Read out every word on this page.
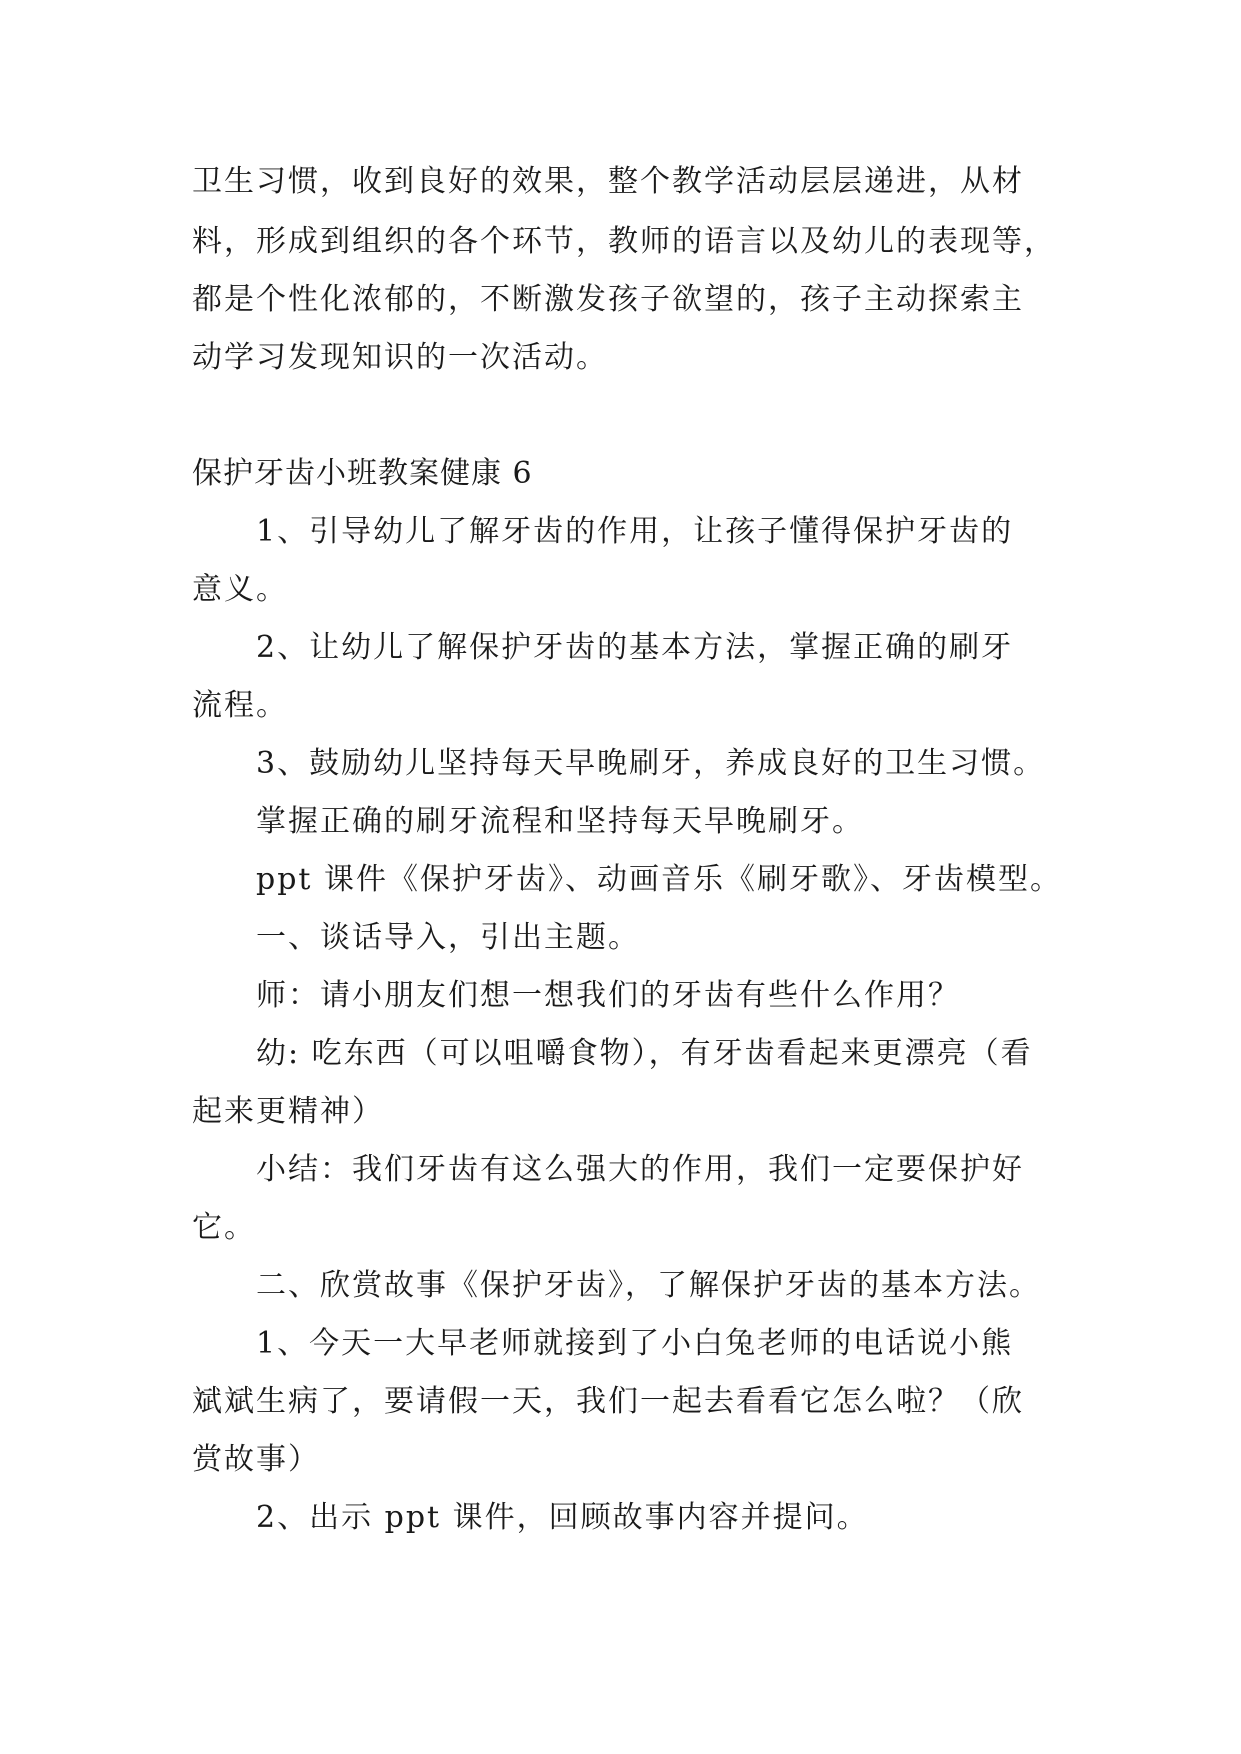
卫生习惯，收到良好的效果，整个教学活动层层递进，从材

料，形成到组织的各个环节，教师的语言以及幼儿的表现等，

都是个性化浓郁的，不断激发孩子欲望的，孩子主动探索主

动学习发现知识的一次活动。

保护牙齿小班教案健康 6

1、引导幼儿了解牙齿的作用，让孩子懂得保护牙齿的

意义。

2、让幼儿了解保护牙齿的基本方法，掌握正确的刷牙

流程。

3、鼓励幼儿坚持每天早晚刷牙，养成良好的卫生习惯。

掌握正确的刷牙流程和坚持每天早晚刷牙。

ppt 课件《保护牙齿》、动画音乐《刷牙歌》、牙齿模型。

一、谈话导入，引出主题。

师：请小朋友们想一想我们的牙齿有些什么作用？

幼: 吃东西（可以咀嚼食物），有牙齿看起来更漂亮（看

起来更精神）

小结：我们牙齿有这么强大的作用，我们一定要保护好

它。

二、欣赏故事《保护牙齿》，了解保护牙齿的基本方法。

1、今天一大早老师就接到了小白兔老师的电话说小熊

斌斌生病了，要请假一天，我们一起去看看它怎么啦？（欣

赏故事）

2、出示 ppt 课件，回顾故事内容并提问。
